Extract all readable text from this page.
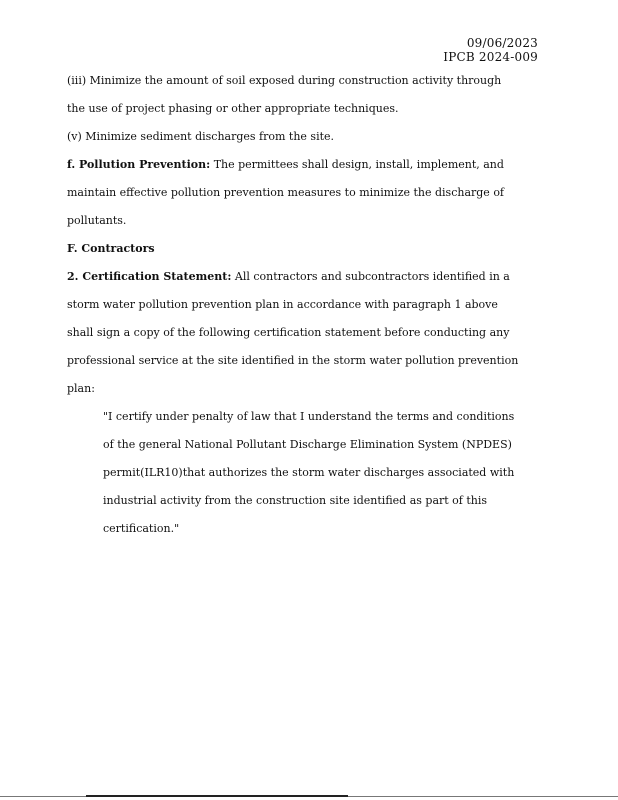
09/06/2023
IPCB 2024-009
(iii) Minimize the amount of soil exposed during construction activity through
the use of project phasing or other appropriate techniques.
(v) Minimize sediment discharges from the site.
f. Pollution Prevention: The permittees shall design, install, implement, and
maintain effective pollution prevention measures to minimize the discharge of
pollutants.
F. Contractors
2. Certification Statement: All contractors and subcontractors identified in a
storm water pollution prevention plan in accordance with paragraph 1 above
shall sign a copy of the following certification statement before conducting any
professional service at the site identified in the storm water pollution prevention
plan:
"I certify under penalty of law that I understand the terms and conditions
of the general National Pollutant Discharge Elimination System (NPDES)
permit(ILR10)that authorizes the storm water discharges associated with
industrial activity from the construction site identified as part of this
certification."
